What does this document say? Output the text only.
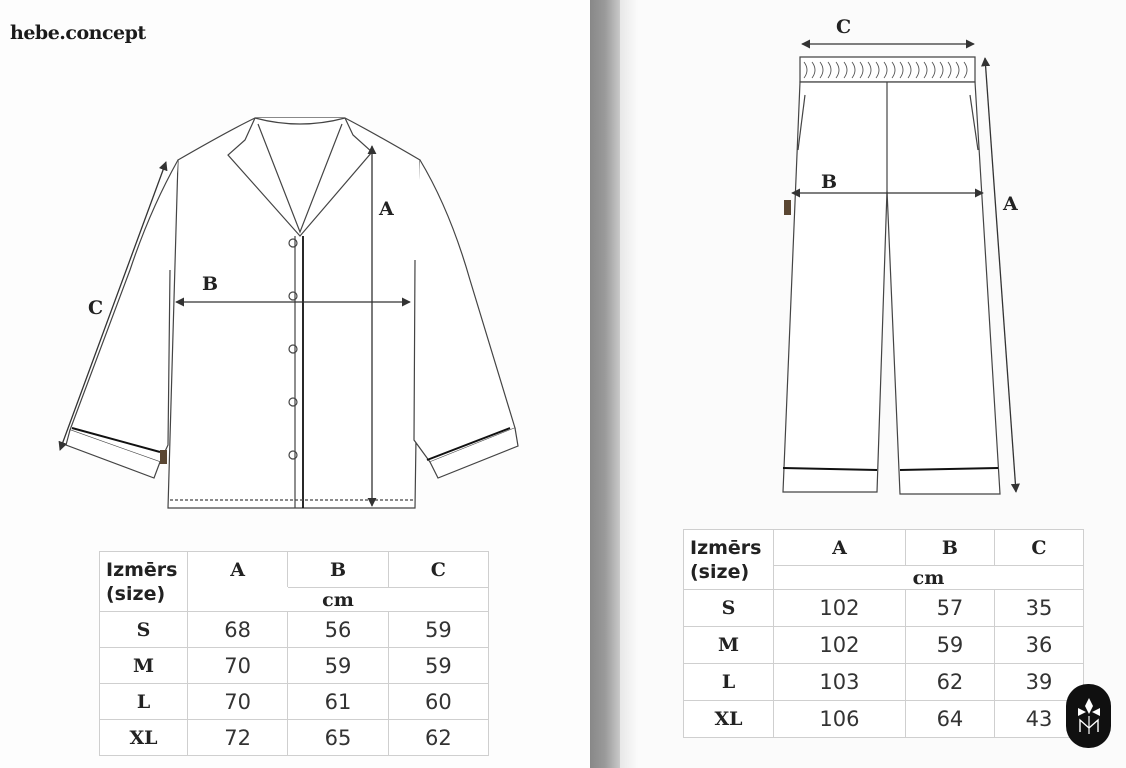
hebe.concept
A
B
C
C
B
A
Izmērs
(size)	A	B	C
	cm		
S	68	56	59
M	70	59	59
L	70	61	60
XL	72	65	62
Izmērs
(size)	A	B	C
	cm		
S	102	57	35
M	102	59	36
L	103	62	39
XL	106	64	43
